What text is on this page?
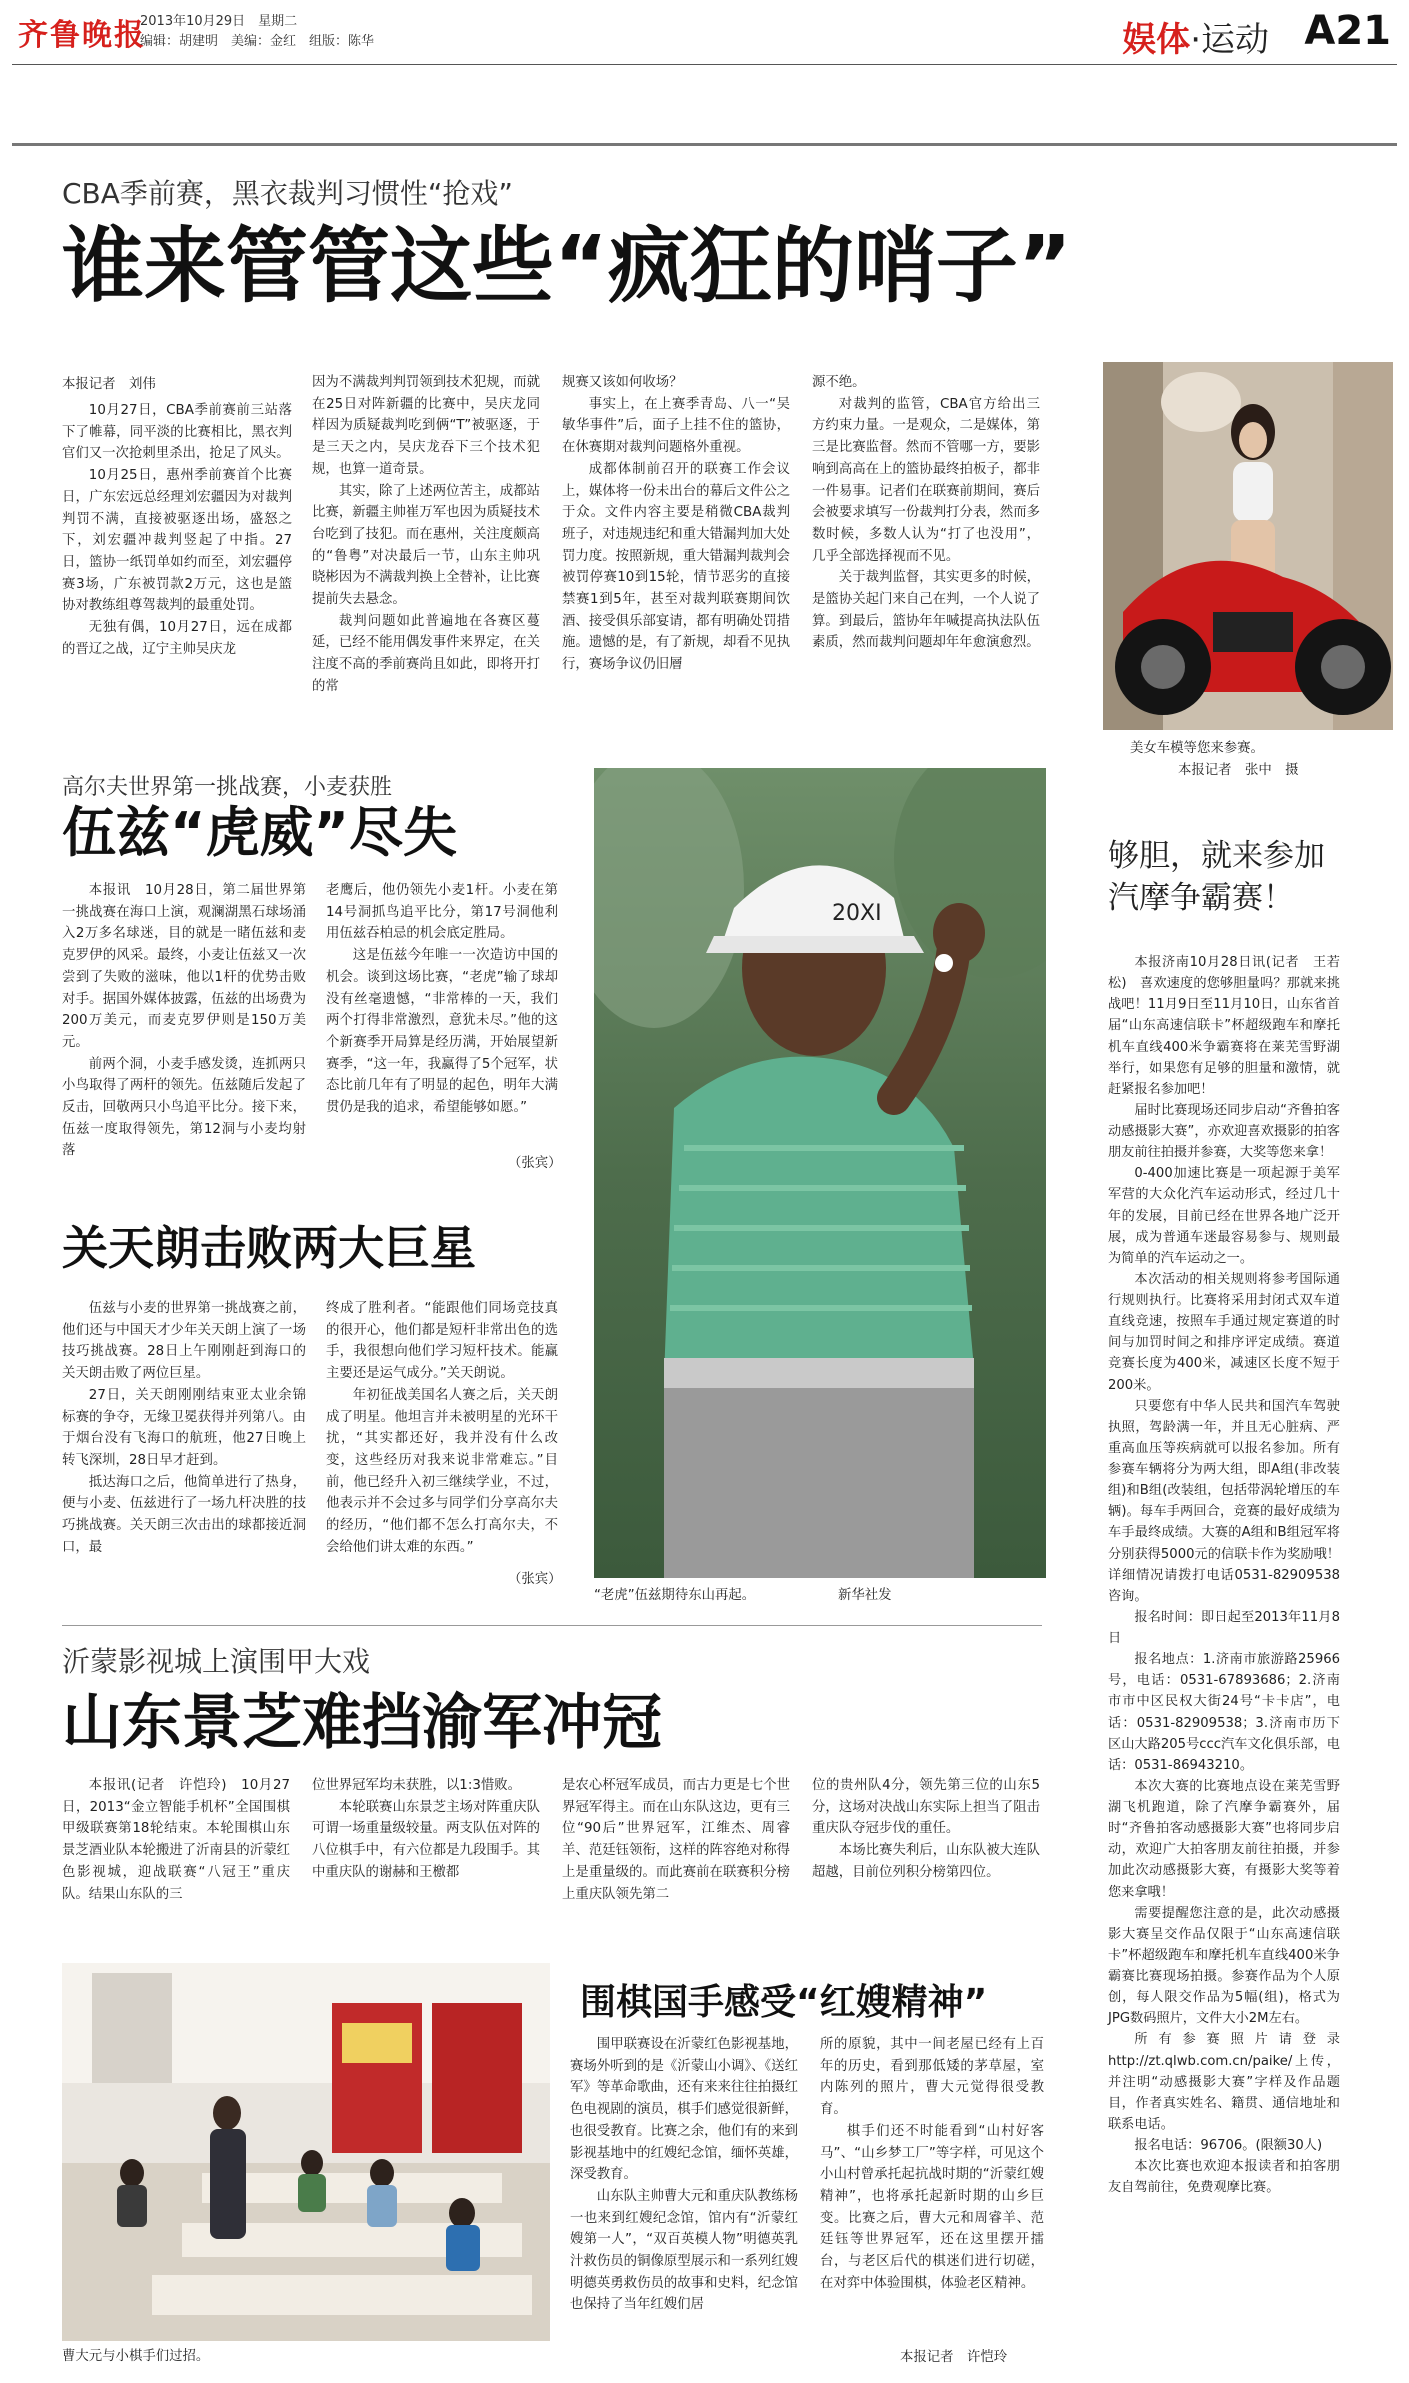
齐鲁晚报
2013年10月29日　星期二
编辑：胡建明　美编：金红　组版：陈华	娱体·运动 A21
CBA季前赛，黑衣裁判习惯性“抢戏”
谁来管管这些“疯狂的哨子”
本报记者　刘伟

10月27日，CBA季前赛前三站落下了帷幕，同平淡的比赛相比，黑衣判官们又一次抢刺里杀出，抢足了风头。

10月25日，惠州季前赛首个比赛日，广东宏远总经理刘宏疆因为对裁判判罚不满，直接被驱逐出场，盛怒之下，刘宏疆冲裁判竖起了中指。27日，篮协一纸罚单如约而至，刘宏疆停赛3场，广东被罚款2万元，这也是篮协对教练组尊驾裁判的最重处罚。

无独有偶，10月27日，远在成都的晋辽之战，辽宁主帅吴庆龙

因为不满裁判判罚领到技术犯规，而就在25日对阵新疆的比赛中，吴庆龙同样因为质疑裁判吃到俩“T”被驱逐，于是三天之内，吴庆龙吞下三个技术犯规，也算一道奇景。

其实，除了上述两位苦主，成都站比赛，新疆主帅崔万军也因为质疑技术台吃到了技犯。而在惠州，关注度颇高的“鲁粤”对决最后一节，山东主帅巩晓彬因为不满裁判换上全替补，让比赛提前失去悬念。

裁判问题如此普遍地在各赛区蔓延，已经不能用偶发事件来界定，在关注度不高的季前赛尚且如此，即将开打的常

规赛又该如何收场？

事实上，在上赛季青岛、八一“吴敏华事件”后，面子上挂不住的篮协，在休赛期对裁判问题格外重视。

成都体制前召开的联赛工作会议上，媒体将一份未出台的幕后文件公之于众。文件内容主要是稍微CBA裁判班子，对违规违纪和重大错漏判加大处罚力度。按照新规，重大错漏判裁判会被罚停赛10到15轮，情节恶劣的直接禁赛1到5年，甚至对裁判联赛期间饮酒、接受俱乐部宴请，都有明确处罚措施。遗憾的是，有了新规，却看不见执行，赛场争议仍旧層

源不绝。

对裁判的监管，CBA官方给出三方约束力量。一是观众，二是媒体，第三是比赛监督。然而不管哪一方，要影响到高高在上的篮协最终拍板子，都非一件易事。记者们在联赛前期间，赛后会被要求填写一份裁判打分表，然而多数时候，多数人认为“打了也没用”，几乎全部选择视而不见。

关于裁判监督，其实更多的时候，是篮协关起门来自己在判，一个人说了算。到最后，篮协年年喊提高执法队伍素质，然而裁判问题却年年愈演愈烈。

美女车模等您来参赛。
本报记者　张中　摄
高尔夫世界第一挑战赛，小麦获胜
伍兹“虎威”尽失

本报讯　10月28日，第二届世界第一挑战赛在海口上演，观澜湖黑石球场涌入2万多名球迷，目的就是一睹伍兹和麦克罗伊的风采。最终，小麦让伍兹又一次尝到了失败的滋味，他以1杆的优势击败对手。据国外媒体披露，伍兹的出场费为200万美元，而麦克罗伊则是150万美元。

前两个洞，小麦手感发烫，连抓两只小鸟取得了两杆的领先。伍兹随后发起了反击，回敬两只小鸟追平比分。接下来，伍兹一度取得领先，第12洞与小麦均射落

老鹰后，他仍领先小麦1杆。小麦在第14号洞抓鸟追平比分，第17号洞他利用伍兹吞柏忌的机会底定胜局。

这是伍兹今年唯一一次造访中国的机会。谈到这场比赛，“老虎”输了球却没有丝毫遗憾，“非常棒的一天，我们两个打得非常激烈，意犹未尽。”他的这个新赛季开局算是经历满，开始展望新赛季，“这一年，我赢得了5个冠军，状态比前几年有了明显的起色，明年大满贯仍是我的追求，希望能够如愿。”

（张宾）
关天朗击败两大巨星

伍兹与小麦的世界第一挑战赛之前，他们还与中国天才少年关天朗上演了一场技巧挑战赛。28日上午刚刚赶到海口的关天朗击败了两位巨星。

27日，关天朗刚刚结束亚太业余锦标赛的争夺，无缘卫冕获得并列第八。由于烟台没有飞海口的航班，他27日晚上转飞深圳，28日早才赶到。

抵达海口之后，他简单进行了热身，便与小麦、伍兹进行了一场九杆决胜的技巧挑战赛。关天朗三次击出的球都接近洞口，最

终成了胜利者。“能跟他们同场竞技真的很开心，他们都是短杆非常出色的选手，我很想向他们学习短杆技术。能赢主要还是运气成分。”关天朗说。

年初征战美国名人赛之后，关天朗成了明星。他坦言并未被明星的光环干扰，“其实都还好，我并没有什么改变，这些经历对我来说非常难忘。”目前，他已经升入初三继续学业，不过，他表示并不会过多与同学们分享高尔夫的经历，“他们都不怎么打高尔夫，不会给他们讲太难的东西。”

（张宾）
20XI
“老虎”伍兹期待东山再起。	新华社发
够胆，就来参加
汽摩争霸赛！

本报济南10月28日讯(记者　王若松)　喜欢速度的您够胆量吗？那就来挑战吧！11月9日至11月10日，山东省首届“山东高速信联卡”杯超级跑车和摩托机车直线400米争霸赛将在莱芜雪野湖举行，如果您有足够的胆量和激情，就赶紧报名参加吧！

届时比赛现场还同步启动“齐鲁拍客动感摄影大赛”，亦欢迎喜欢摄影的拍客朋友前往拍摄并参赛，大奖等您来拿！

0-400加速比赛是一项起源于美军军营的大众化汽车运动形式，经过几十年的发展，目前已经在世界各地广泛开展，成为普通车迷最容易参与、规则最为简单的汽车运动之一。

本次活动的相关规则将参考国际通行规则执行。比赛将采用封闭式双车道直线竞速，按照车手通过规定赛道的时间与加罚时间之和排序评定成绩。赛道竞赛长度为400米，减速区长度不短于200米。

只要您有中华人民共和国汽车驾驶执照，驾龄满一年，并且无心脏病、严重高血压等疾病就可以报名参加。所有参赛车辆将分为两大组，即A组(非改装组)和B组(改装组，包括带涡轮增压的车辆)。每车手两回合，竞赛的最好成绩为车手最终成绩。大赛的A组和B组冠军将分别获得5000元的信联卡作为奖励哦！详细情况请拨打电话0531-82909538咨询。

报名时间：即日起至2013年11月8日

报名地点：1.济南市旅游路25966号，电话：0531-67893686；2.济南市市中区民权大街24号“卡卡店”，电话：0531-82909538；3.济南市历下区山大路205号ccc汽车文化俱乐部，电话：0531-86943210。

本次大赛的比赛地点设在莱芜雪野湖飞机跑道，除了汽摩争霸赛外，届时“齐鲁拍客动感摄影大赛”也将同步启动，欢迎广大拍客朋友前往拍摄，并参加此次动感摄影大赛，有摄影大奖等着您来拿哦！

需要提醒您注意的是，此次动感摄影大赛呈交作品仅限于“山东高速信联卡”杯超级跑车和摩托机车直线400米争霸赛比赛现场拍摄。参赛作品为个人原创，每人限交作品为5幅(组)，格式为JPG数码照片，文件大小2M左右。

所有参赛照片请登录http://zt.qlwb.com.cn/paike/上传，并注明“动感摄影大赛”字样及作品题目，作者真实姓名、籍贯、通信地址和联系电话。

报名电话：96706。(限额30人)

本次比赛也欢迎本报读者和拍客朋友自驾前往，免费观摩比赛。

沂蒙影视城上演围甲大戏
山东景芝难挡渝军冲冠

本报讯(记者　许恺玲)　10月27日，2013“金立智能手机杯”全国围棋甲级联赛第18轮结束。本轮围棋山东景芝酒业队本轮搬进了沂南县的沂蒙红色影视城，迎战联赛“八冠王”重庆队。结果山东队的三

位世界冠军均未获胜，以1:3惜败。

本轮联赛山东景芝主场对阵重庆队可谓一场重量级较量。两支队伍对阵的八位棋手中，有六位都是九段围手。其中重庆队的谢赫和王檄都

是农心杯冠军成员，而古力更是七个世界冠军得主。而在山东队这边，更有三位“90后”世界冠军，江维杰、周睿羊、范廷钰领衔，这样的阵容绝对称得上是重量级的。而此赛前在联赛积分榜上重庆队领先第二

位的贵州队4分，领先第三位的山东5分，这场对决战山东实际上担当了阻击重庆队夺冠步伐的重任。

本场比赛失利后，山东队被大连队超越，目前位列积分榜第四位。

曹大元与小棋手们过招。
围棋国手感受“红嫂精神”

围甲联赛设在沂蒙红色影视基地，赛场外听到的是《沂蒙山小调》、《送红军》等革命歌曲，还有来来往往拍摄红色电视剧的演员，棋手们感觉很新鲜，也很受教育。比赛之余，他们有的来到影视基地中的红嫂纪念馆，缅怀英雄，深受教育。

山东队主帅曹大元和重庆队教练杨一也来到红嫂纪念馆，馆内有“沂蒙红嫂第一人”，“双百英模人物”明德英乳汁救伤员的铜像原型展示和一系列红嫂明德英勇救伤员的故事和史料，纪念馆也保持了当年红嫂们居

所的原貌，其中一间老屋已经有上百年的历史，看到那低矮的茅草屋，室内陈列的照片，曹大元觉得很受教育。

棋手们还不时能看到“山村好客马”、“山乡梦工厂”等字样，可见这个小山村曾承托起抗战时期的“沂蒙红嫂精神”，也将承托起新时期的山乡巨变。比赛之后，曹大元和周睿羊、范廷钰等世界冠军，还在这里摆开擂台，与老区后代的棋迷们进行切磋，在对弈中体验围棋，体验老区精神。

本报记者　许恺玲
